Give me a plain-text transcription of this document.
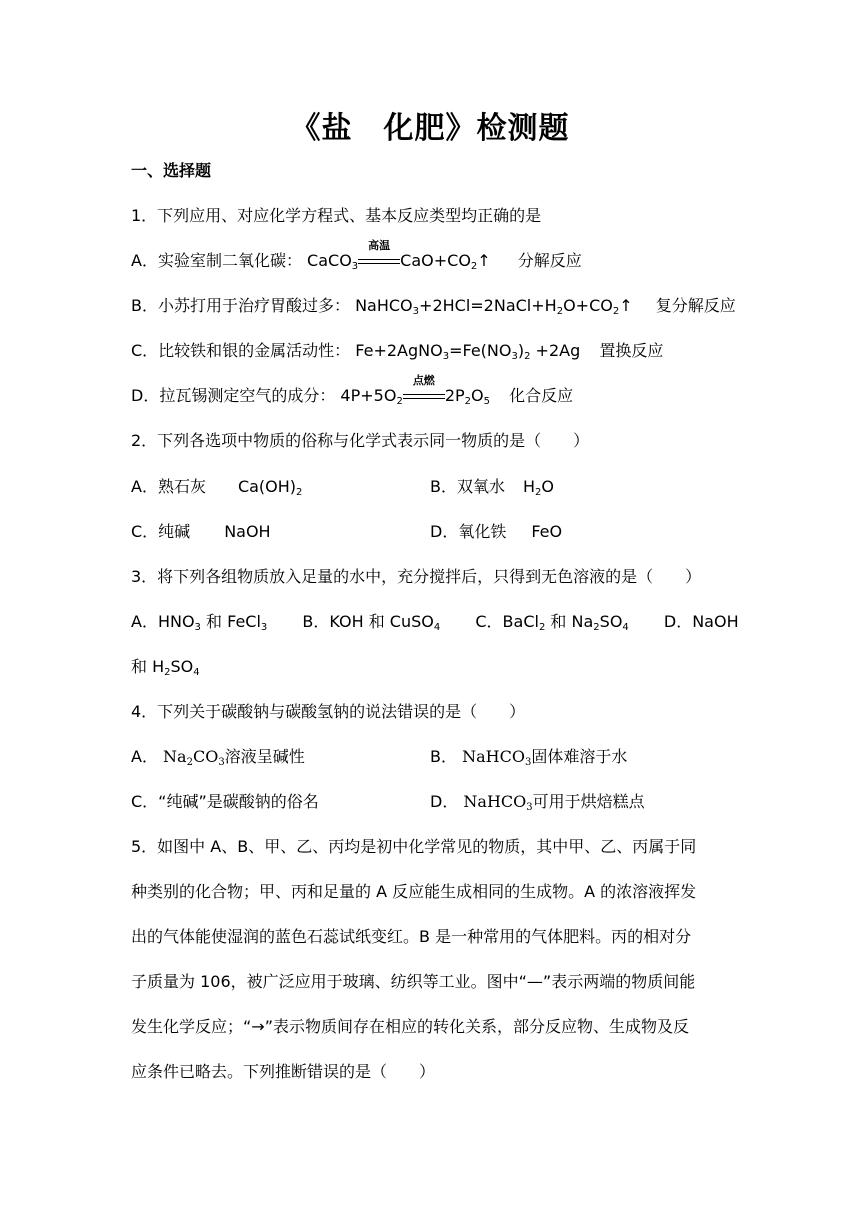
《盐　化肥》检测题
一、选择题
1．下列应用、对应化学方程式、基本反应类型均正确的是
A．实验室制二氧化碳： CaCO$_3$
高温
$CaO+CO_2↑$ 分解反应
B．小苏打用于治疗胃酸过多： $NaHCO_3+2HCl=2NaCl+H_2O+CO_2↑$ 复分解反应
C．比较铁和银的金属活动性： $Fe+2AgNO_3=Fe(NO_3)_2 +2Ag$ 置换反应
D．拉瓦锡测定空气的成分： $4P+5O_2$
点燃
$2P_2O_5$ 化合反应
2．下列各选项中物质的俗称与化学式表示同一物质的是（　　）
A．熟石灰 $Ca(OH)_2$	B．双氧水 $H_2O$
C．纯碱 NaOH	D．氧化铁 FeO
3．将下列各组物质放入足量的水中，充分搅拌后，只得到无色溶液的是（　　）
A．$HNO_3$ 和 FeCl$_3$ B．KOH 和 CuSO$_4$ C．BaCl$_2$ 和 $Na_2SO_4$ D．NaOH
和 $H_2SO_4$
4．下列关于碳酸钠与碳酸氢钠的说法错误的是（　　）
A． $Na_2CO_3$溶液呈碱性	B． NaHCO$_3$固体难溶于水
C．“纯碱”是碳酸钠的俗名	D． NaHCO$_3$可用于烘焙糕点
5．如图中 A、B、甲、乙、丙均是初中化学常见的物质，其中甲、乙、丙属于同
种类别的化合物；甲、丙和足量的 A 反应能生成相同的生成物。A 的浓溶液挥发
出的气体能使湿润的蓝色石蕊试纸变红。B 是一种常用的气体肥料。丙的相对分
子质量为 106，被广泛应用于玻璃、纺织等工业。图中“—”表示两端的物质间能
发生化学反应；“→”表示物质间存在相应的转化关系，部分反应物、生成物及反
应条件已略去。下列推断错误的是（　　）
